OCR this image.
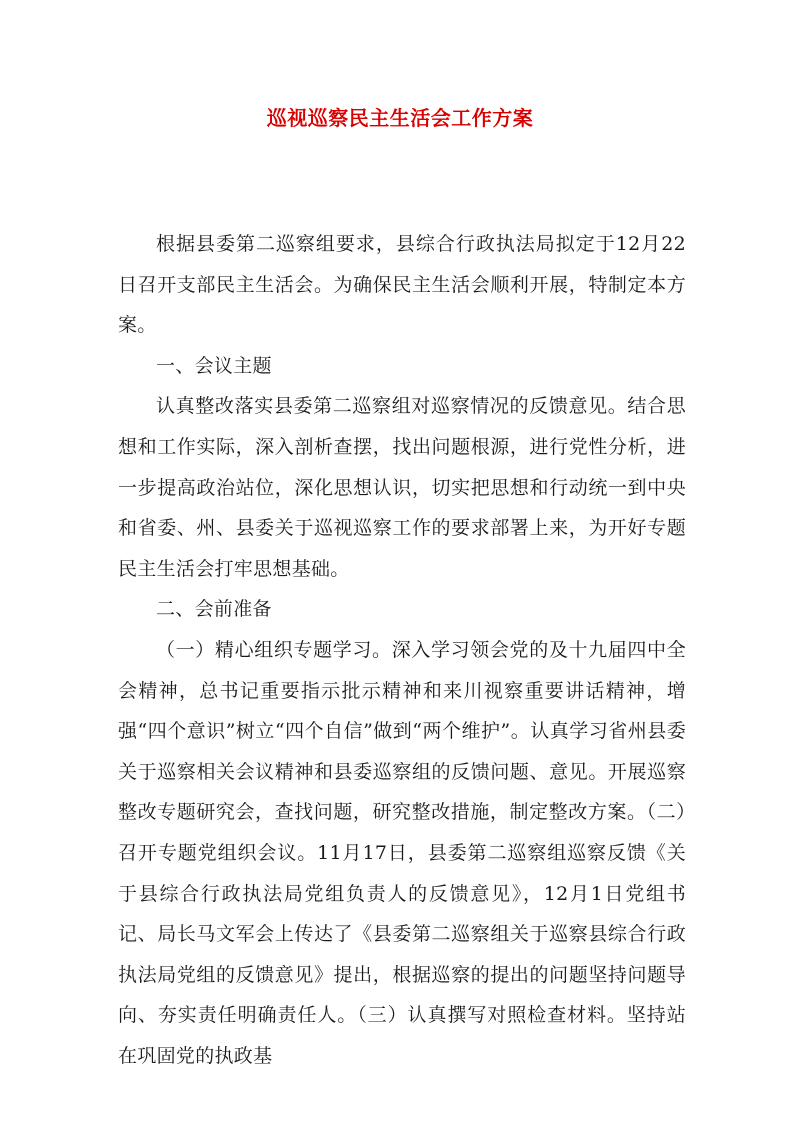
巡视巡察民主生活会工作方案

根据县委第二巡察组要求，县综合行政执法局拟定于12月22日召开支部民主生活会。为确保民主生活会顺利开展，特制定本方案。

一、会议主题

认真整改落实县委第二巡察组对巡察情况的反馈意见。结合思想和工作实际，深入剖析查摆，找出问题根源，进行党性分析，进一步提高政治站位，深化思想认识，切实把思想和行动统一到中央和省委、州、县委关于巡视巡察工作的要求部署上来，为开好专题民主生活会打牢思想基础。

二、会前准备

（一）精心组织专题学习。深入学习领会党的及十九届四中全会精神，总书记重要指示批示精神和来川视察重要讲话精神，增强“四个意识”树立“四个自信”做到“两个维护”。认真学习省州县委关于巡察相关会议精神和县委巡察组的反馈问题、意见。开展巡察整改专题研究会，查找问题，研究整改措施，制定整改方案。（二）召开专题党组织会议。11月17日，县委第二巡察组巡察反馈《关于县综合行政执法局党组负责人的反馈意见》，12月1日党组书记、局长马文军会上传达了《县委第二巡察组关于巡察县综合行政执法局党组的反馈意见》提出，根据巡察的提出的问题坚持问题导向、夯实责任明确责任人。（三）认真撰写对照检查材料。坚持站在巩固党的执政基
